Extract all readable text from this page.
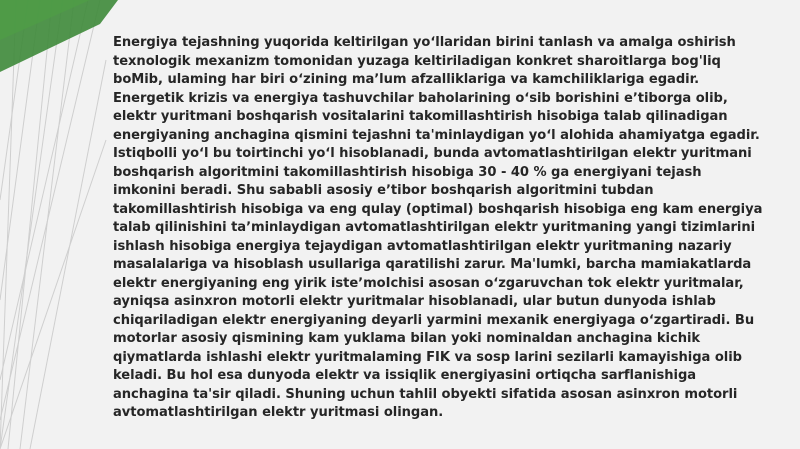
Energiya tejashning yuqorida keltirilgan yoʻllaridan birini tanlash va amalga oshirish texnologik mexanizm tomonidan yuzaga keltiriladigan konkret sharoitlarga bog'liq boMib, ulaming har biri oʻzining maʼlum afzalliklariga va kamchiliklariga egadir. Energetik krizis va energiya tashuvchilar baholarining oʻsib borishini eʼtiborga olib, elektr yuritmani boshqarish vositalarini takomillashtirish hisobiga talab qilinadigan energiyaning anchagina qismini tejashni ta'minlaydigan yoʻl alohida ahamiyatga egadir. Istiqbolli yoʻl bu toirtinchi yoʻl hisoblanadi, bunda avtomatlashtirilgan elektr yuritmani boshqarish algoritmini takomillashtirish hisobiga 30 - 40 % ga energiyani tejash imkonini beradi. Shu sababli asosiy eʼtibor boshqarish algoritmini tubdan takomillashtirish hisobiga va eng qulay (optimal) boshqarish hisobiga eng kam energiya talab qilinishini taʼminlaydigan avtomatlashtirilgan elektr yuritmaning yangi tizimlarini ishlash hisobiga energiya tejaydigan avtomatlashtirilgan elektr yuritmaning nazariy masalalariga va hisoblash usullariga qaratilishi zarur. Ma'lumki, barcha mamiakatlarda elektr energiyaning eng yirik isteʼmoIchisi asosan oʻzgaruvchan tok elektr yuritmalar, ayniqsa asinxron motorli elektr yuritmalar hisoblanadi, ular butun dunyoda ishlab chiqariladigan elektr energiyaning deyarli yarmini mexanik energiyaga oʻzgartiradi. Bu motorlar asosiy qismining kam yuklama bilan yoki nominaldan anchagina kichik qiymatlarda ishlashi elektr yuritmalaming FIK va sosp larini sezilarli kamayishiga olib keladi. Bu hol esa dunyoda elektr va issiqlik energiyasini ortiqcha sarflanishiga anchagina ta'sir qiladi. Shuning uchun tahlil obyekti sifatida asosan asinxron motorli avtomatlashtirilgan elektr yuritmasi olingan.
